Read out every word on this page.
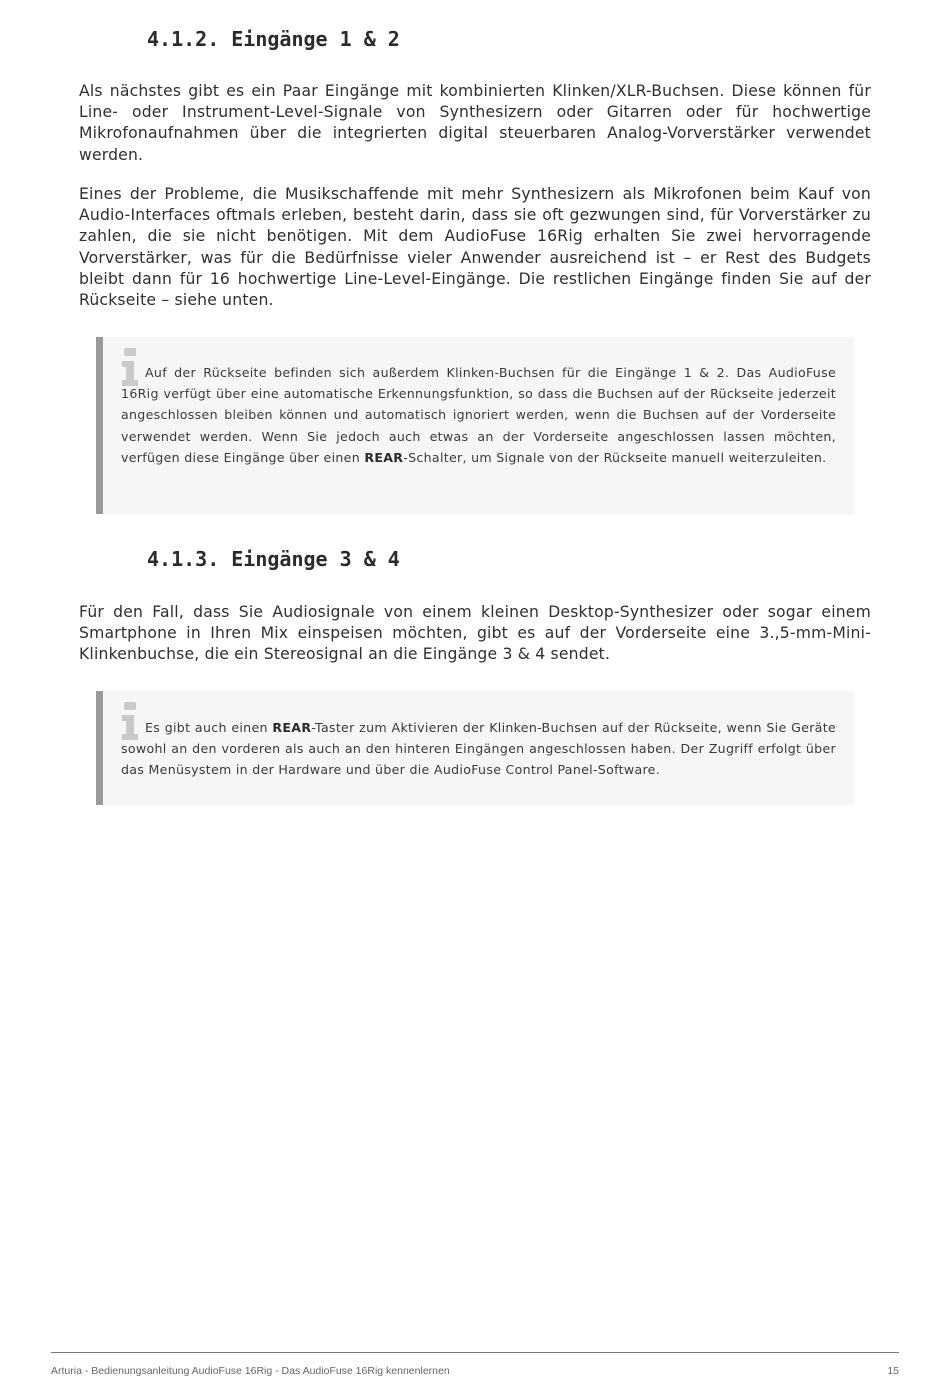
4.1.2. Eingänge 1 & 2

Als nächstes gibt es ein Paar Eingänge mit kombinierten Klinken/XLR-Buchsen. Diese können für Line- oder Instrument-Level-Signale von Synthesizern oder Gitarren oder für hochwertige Mikrofonaufnahmen über die integrierten digital steuerbaren Analog-Vorverstärker verwendet werden.

Eines der Probleme, die Musikschaffende mit mehr Synthesizern als Mikrofonen beim Kauf von Audio-Interfaces oftmals erleben, besteht darin, dass sie oft gezwungen sind, für Vorverstärker zu zahlen, die sie nicht benötigen. Mit dem AudioFuse 16Rig erhalten Sie zwei hervorragende Vorverstärker, was für die Bedürfnisse vieler Anwender ausreichend ist – er Rest des Budgets bleibt dann für 16 hochwertige Line-Level-Eingänge. Die restlichen Eingänge finden Sie auf der Rückseite – siehe unten.

Auf der Rückseite befinden sich außerdem Klinken-Buchsen für die Eingänge 1 & 2. Das AudioFuse 16Rig verfügt über eine automatische Erkennungsfunktion, so dass die Buchsen auf der Rückseite jederzeit angeschlossen bleiben können und automatisch ignoriert werden, wenn die Buchsen auf der Vorderseite verwendet werden. Wenn Sie jedoch auch etwas an der Vorderseite angeschlossen lassen möchten, verfügen diese Eingänge über einen REAR-Schalter, um Signale von der Rückseite manuell weiterzuleiten.

4.1.3. Eingänge 3 & 4

Für den Fall, dass Sie Audiosignale von einem kleinen Desktop-Synthesizer oder sogar einem Smartphone in Ihren Mix einspeisen möchten, gibt es auf der Vorderseite eine 3.,5-mm-Mini-Klinkenbuchse, die ein Stereosignal an die Eingänge 3 & 4 sendet.

Es gibt auch einen REAR-Taster zum Aktivieren der Klinken-Buchsen auf der Rückseite, wenn Sie Geräte sowohl an den vorderen als auch an den hinteren Eingängen angeschlossen haben. Der Zugriff erfolgt über das Menüsystem in der Hardware und über die AudioFuse Control Panel-Software.

Arturia - Bedienungsanleitung AudioFuse 16Rig - Das AudioFuse 16Rig kennenlernen	15
